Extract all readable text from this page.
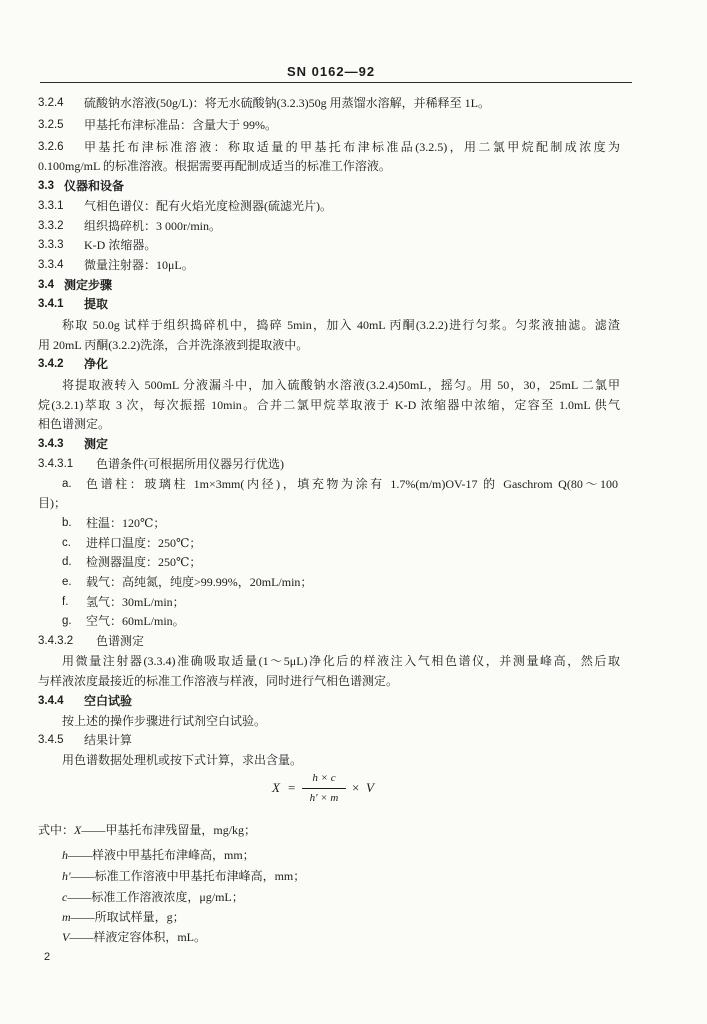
SN 0162—92
3.2.4 硫酸钠水溶液(50g/L)：将无水硫酸钠(3.2.3)50g 用蒸馏水溶解，并稀释至 1L。
3.2.5 甲基托布津标准品：含量大于 99%。
3.2.6 甲基托布津标准溶液：称取适量的甲基托布津标准品(3.2.5)，用二氯甲烷配制成浓度为
0.100mg/mL 的标准溶液。根据需要再配制成适当的标准工作溶液。
3.3 仪器和设备
3.3.1 气相色谱仪：配有火焰光度检测器(硫滤光片)。
3.3.2 组织捣碎机：3 000r/min。
3.3.3 K-D 浓缩器。
3.3.4 微量注射器：10μL。
3.4 测定步骤
3.4.1 提取
称取 50.0g 试样于组织捣碎机中，捣碎 5min，加入 40mL 丙酮(3.2.2)进行匀浆。匀浆液抽滤。滤渣
用 20mL 丙酮(3.2.2)洗涤，合并洗涤液到提取液中。
3.4.2 净化
将提取液转入 500mL 分液漏斗中，加入硫酸钠水溶液(3.2.4)50mL，摇匀。用 50，30，25mL 二氯甲
烷(3.2.1)萃取 3 次，每次振摇 10min。合并二氯甲烷萃取液于 K-D 浓缩器中浓缩，定容至 1.0mL 供气
相色谱测定。
3.4.3 测定
3.4.3.1 色谱条件(可根据所用仪器另行优选)
a. 色谱柱：玻璃柱 1m×3mm(内径)，填充物为涂有 1.7%(m/m)OV-17 的 Gaschrom Q(80～100
目)；
b. 柱温：120℃；
c. 进样口温度：250℃；
d. 检测器温度：250℃；
e. 载气：高纯氮，纯度>99.99%，20mL/min；
f. 氢气：30mL/min；
g. 空气：60mL/min。
3.4.3.2 色谱测定
用微量注射器(3.3.4)准确吸取适量(1～5μL)净化后的样液注入气相色谱仪，并测量峰高，然后取
与样液浓度最接近的标准工作溶液与样液，同时进行气相色谱测定。
3.4.4 空白试验
按上述的操作步骤进行试剂空白试验。
3.4.5 结果计算
用色谱数据处理机或按下式计算，求出含量。
X =
h × c
h' × m
× V
式中：X——甲基托布津残留量，mg/kg；
h——样液中甲基托布津峰高，mm；
h'——标准工作溶液中甲基托布津峰高，mm；
c——标准工作溶液浓度，μg/mL；
m——所取试样量，g；
V——样液定容体积，mL。
2
